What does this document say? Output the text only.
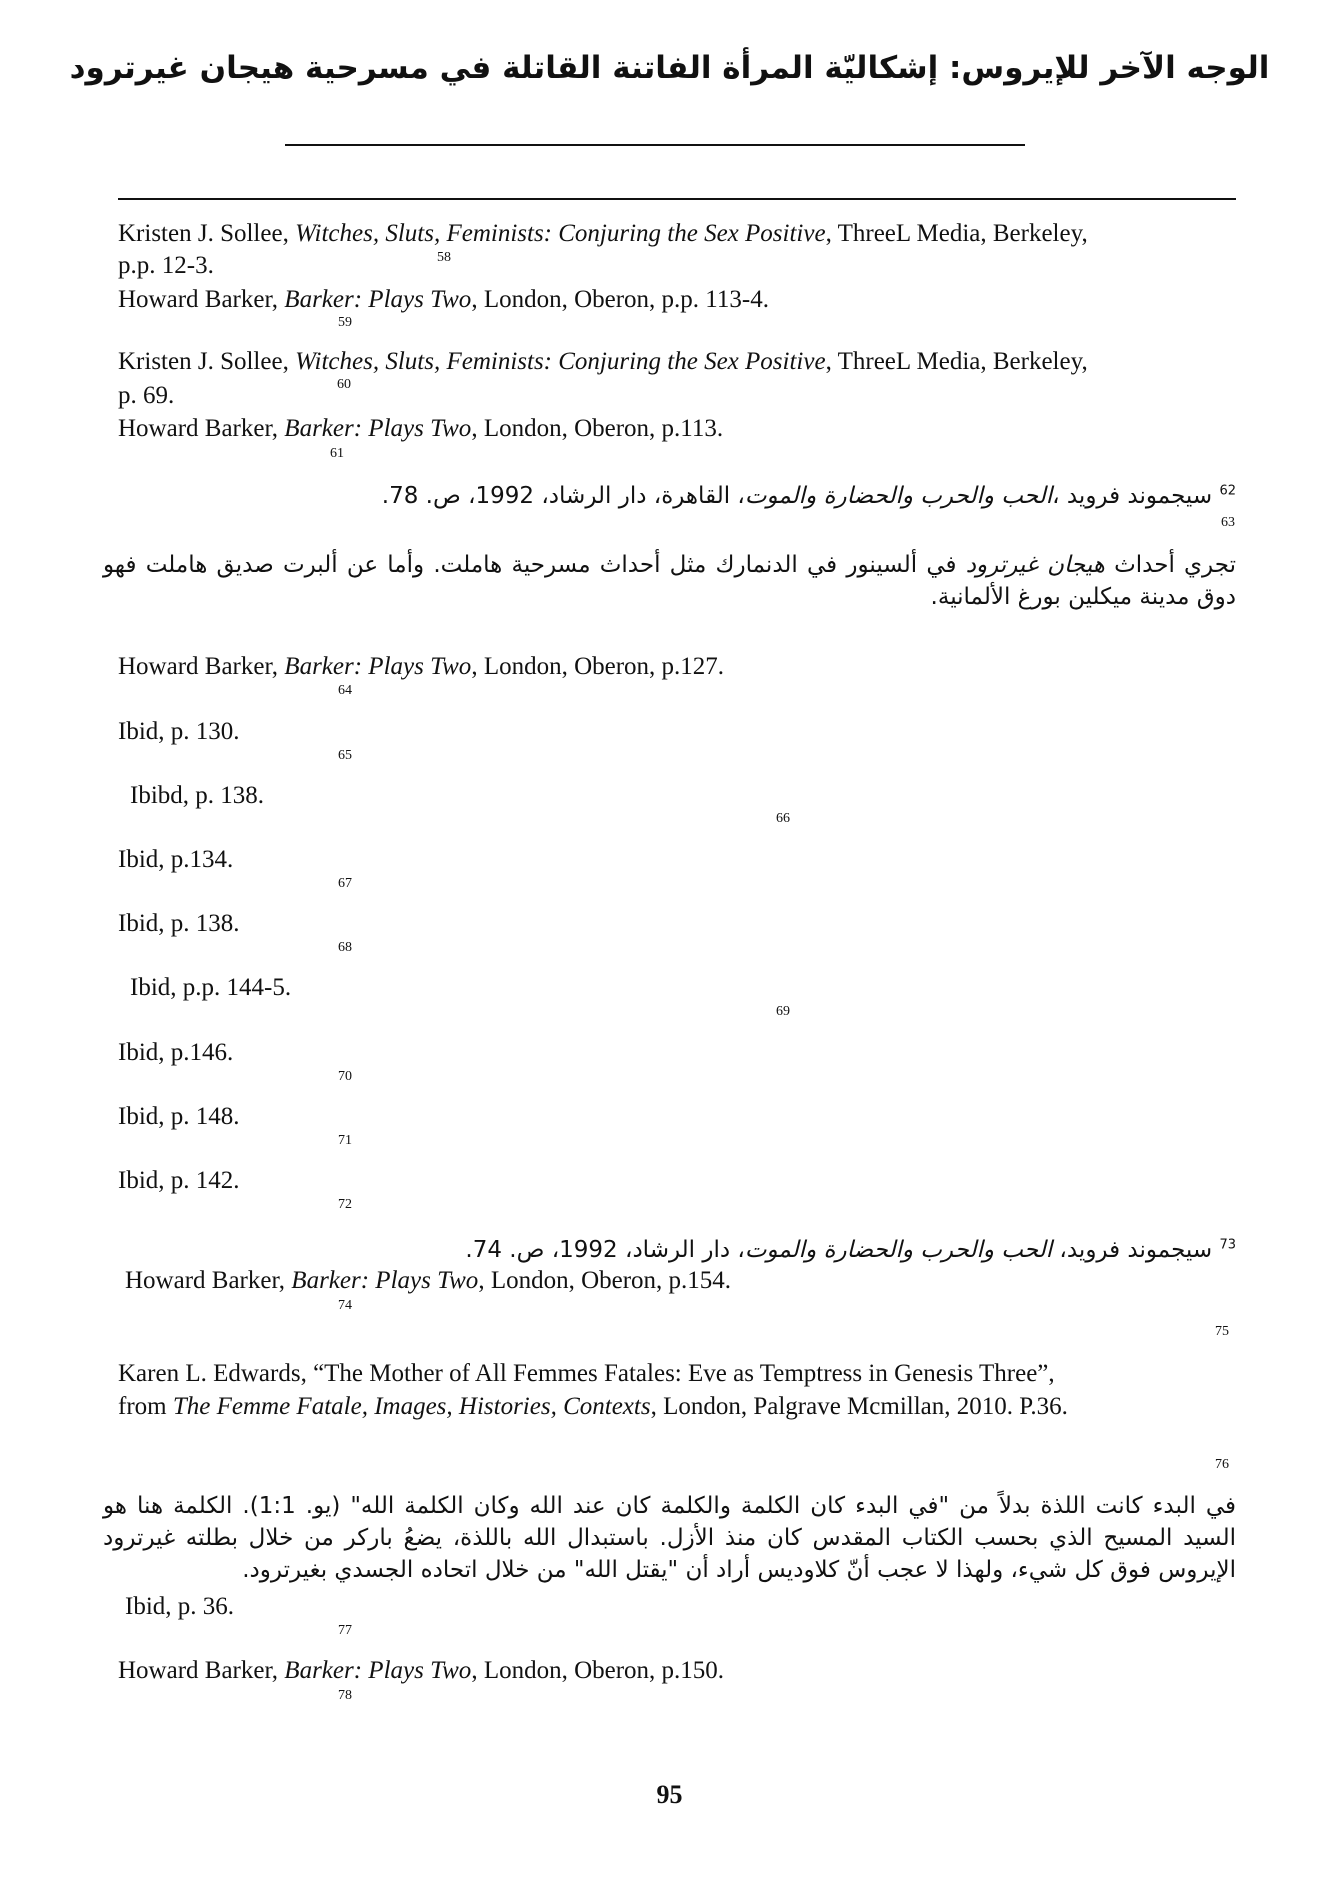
الوجه الآخر للإيروس: إشكاليّة المرأة الفاتنة القاتلة في مسرحية هيجان غيرترود
Kristen J. Sollee, Witches, Sluts, Feminists: Conjuring the Sex Positive, ThreeL Media, Berkeley,
p.p. 12-3.	58
Howard Barker, Barker: Plays Two, London, Oberon, p.p. 113-4.
59
Kristen J. Sollee, Witches, Sluts, Feminists: Conjuring the Sex Positive, ThreeL Media, Berkeley,
p. 69.	60
Howard Barker, Barker: Plays Two, London, Oberon, p.113.
61
$^{62}$ سيجموند فرويد ،الحب والحرب والحضارة والموت، القاهرة، دار الرشاد، 1992، ص. 78.
63
تجري أحداث هيجان غيرترود في ألسينور في الدنمارك مثل أحداث مسرحية هاملت. وأما عن ألبرت صديق هاملت فهو دوق مدينة ميكلين بورغ الألمانية.
Howard Barker, Barker: Plays Two, London, Oberon, p.127.
64
Ibid, p. 130.
65
Ibibd, p. 138.
66
Ibid, p.134.
67
Ibid, p. 138.
68
Ibid, p.p. 144-5.
69
Ibid, p.146.
70
Ibid, p. 148.
71
Ibid, p. 142.
72
$^{73}$ سيجموند فرويد، الحب والحرب والحضارة والموت، دار الرشاد، 1992، ص. 74.
Howard Barker, Barker: Plays Two, London, Oberon, p.154.
74
75
Karen L. Edwards, “The Mother of All Femmes Fatales: Eve as Temptress in Genesis Three”,
from The Femme Fatale, Images, Histories, Contexts, London, Palgrave Mcmillan, 2010. P.36.
76
في البدء كانت اللذة بدلاً من "في البدء كان الكلمة والكلمة كان عند الله وكان الكلمة الله" (يو. 1:1). الكلمة هنا هو السيد المسيح الذي بحسب الكتاب المقدس كان منذ الأزل. باستبدال الله باللذة، يضعُ باركر من خلال بطلته غيرترود الإيروس فوق كل شيء، ولهذا لا عجب أنّ كلاوديس أراد أن "يقتل الله" من خلال اتحاده الجسدي بغيرترود.
Ibid, p. 36.
77
Howard Barker, Barker: Plays Two, London, Oberon, p.150.
78
95
